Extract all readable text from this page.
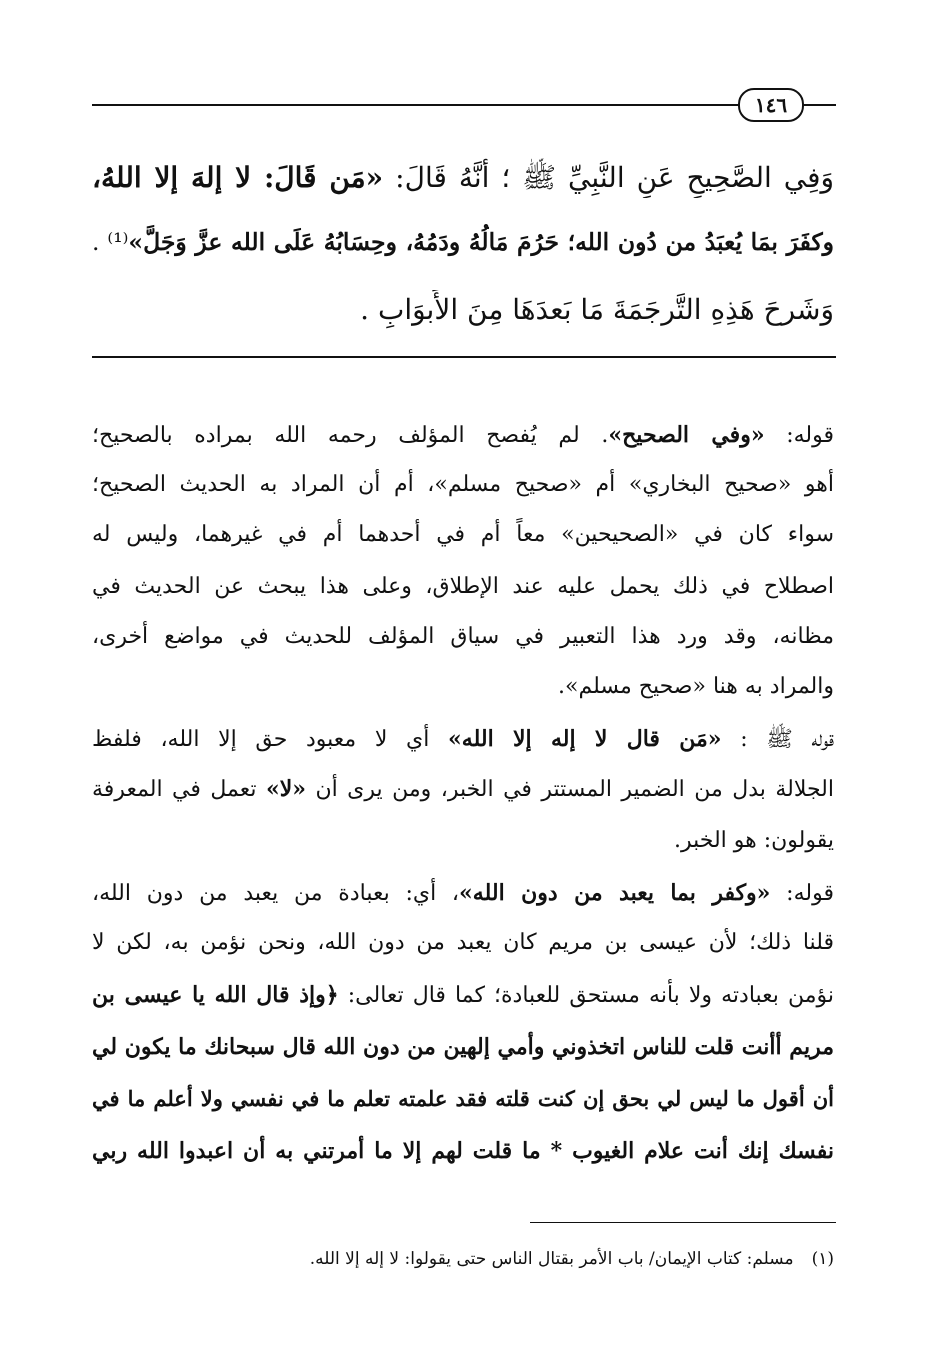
١٤٦
وَفِي الصَّحِيحِ عَنِ النَّبِيِّ ﷺ ؛ أَنَّهُ قَالَ: «مَن قَالَ: لا إلهَ إلا اللهُ،
وكفَرَ بمَا يُعبَدُ من دُون الله؛ حَرُمَ مَالُهُ ودَمُهُ، وحِسَابُهُ عَلَى الله عزَّ وَجَلَّ»⁽¹⁾ .
وَشَرحَ هَذِهِ التَّرجَمَةَ مَا بَعدَهَا مِنَ الأَبوَابِ .
قوله: «وفي الصحيح». لم يُفصح المؤلف رحمه الله بمراده بالصحيح؛
أهو «صحيح البخاري» أم «صحيح مسلم»، أم أن المراد به الحديث الصحيح؛
سواء كان في «الصحيحين» معاً أم في أحدهما أم في غيرهما، وليس له
اصطلاح في ذلك يحمل عليه عند الإطلاق، وعلى هذا يبحث عن الحديث في
مظانه، وقد ورد هذا التعبير في سياق المؤلف للحديث في مواضع أخرى،
والمراد به هنا «صحيح مسلم».
قوله ﷺ : «مَن قال لا إله إلا الله» أي لا معبود حق إلا الله، فلفظ
الجلالة بدل من الضمير المستتر في الخبر، ومن يرى أن «لا» تعمل في المعرفة
يقولون: هو الخبر.
قوله: «وكفر بما يعبد من دون الله»، أي: بعبادة من يعبد من دون الله،
قلنا ذلك؛ لأن عيسى بن مريم كان يعبد من دون الله، ونحن نؤمن به، لكن لا
نؤمن بعبادته ولا بأنه مستحق للعبادة؛ كما قال تعالى: ﴿وإذ قال الله يا عيسى بن
مريم أأنت قلت للناس اتخذوني وأمي إلهين من دون الله قال سبحانك ما يكون لي
أن أقول ما ليس لي بحق إن كنت قلته فقد علمته تعلم ما في نفسي ولا أعلم ما في
نفسك إنك أنت علام الغيوب * ما قلت لهم إلا ما أمرتني به أن اعبدوا الله ربي
(١)مسلم: كتاب الإيمان/ باب الأمر بقتال الناس حتى يقولوا: لا إله إلا الله.
